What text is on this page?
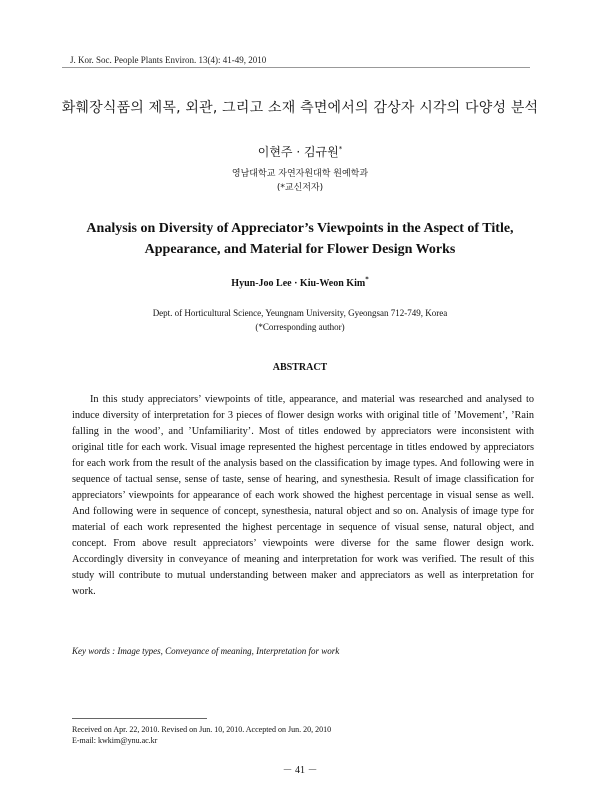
J. Kor. Soc. People Plants Environ. 13(4): 41-49, 2010
화훼장식품의 제목, 외관, 그리고 소재 측면에서의 감상자 시각의 다양성 분석
이현주 · 김규원*
영남대학교 자연자원대학 원예학과
(*교신저자)
Analysis on Diversity of Appreciator’s Viewpoints in the Aspect of Title,
Appearance, and Material for Flower Design Works
Hyun-Joo Lee · Kiu-Weon Kim*
Dept. of Horticultural Science, Yeungnam University, Gyeongsan 712-749, Korea
(*Corresponding author)
ABSTRACT
In this study appreciators’ viewpoints of title, appearance, and material was researched and analysed to induce diversity of interpretation for 3 pieces of flower design works with original title of ’Movement’, ’Rain falling in the wood’, and ’Unfamiliarity’. Most of titles endowed by appreciators were inconsistent with original title for each work. Visual image represented the highest percentage in titles endowed by appreciators for each work from the result of the analysis based on the classification by image types. And following were in sequence of tactual sense, sense of taste, sense of hearing, and synesthesia. Result of image classification for appreciators’ viewpoints for appearance of each work showed the highest percentage in visual sense as well. And following were in sequence of concept, synesthesia, natural object and so on. Analysis of image type for material of each work represented the highest percentage in sequence of visual sense, natural object, and concept. From above result appreciators’ viewpoints were diverse for the same flower design work. Accordingly diversity in conveyance of meaning and interpretation for work was verified. The result of this study will contribute to mutual understanding between maker and appreciators as well as interpretation for work.
Key words : Image types, Conveyance of meaning, Interpretation for work
Received on Apr. 22, 2010. Revised on Jun. 10, 2010. Accepted on Jun. 20, 2010
E-mail: kwkim@ynu.ac.kr
－ 41 －
